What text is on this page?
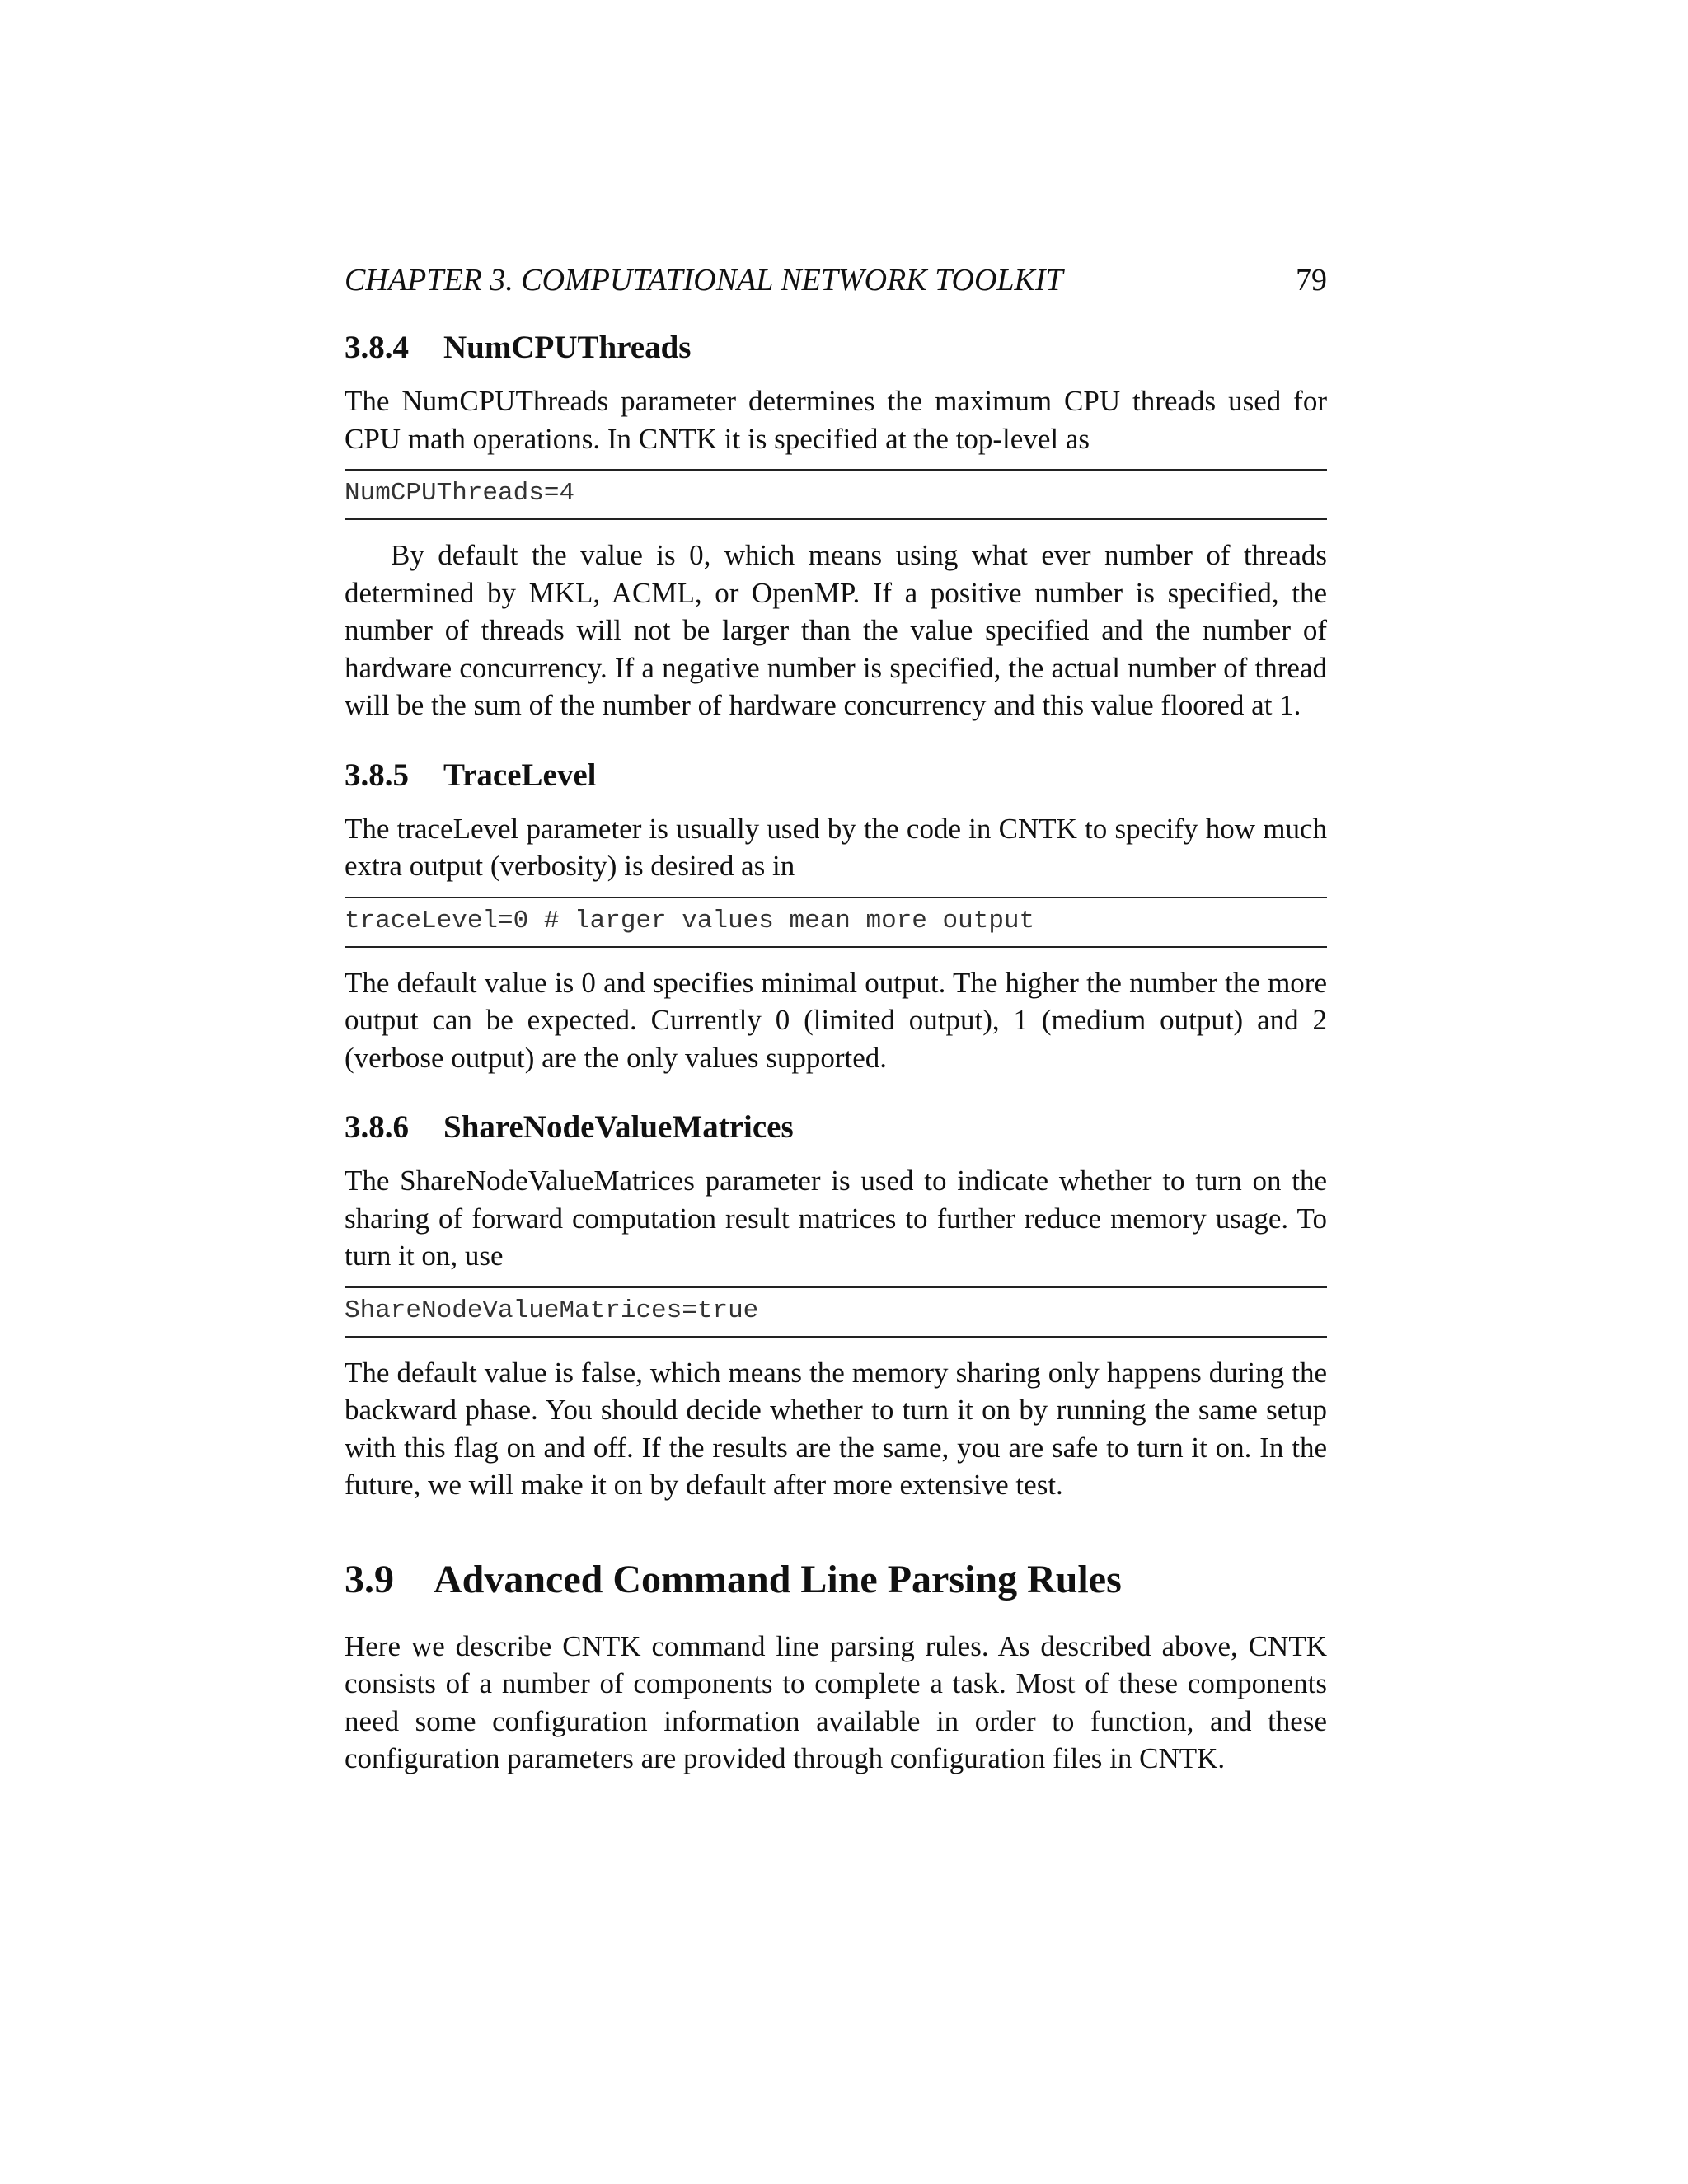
CHAPTER 3. COMPUTATIONAL NETWORK TOOLKIT	79
3.8.4 NumCPUThreads

The NumCPUThreads parameter determines the maximum CPU threads used for CPU math operations. In CNTK it is specified at the top-level as

NumCPUThreads=4

By default the value is 0, which means using what ever number of threads determined by MKL, ACML, or OpenMP. If a positive number is specified, the number of threads will not be larger than the value specified and the number of hardware concurrency. If a negative number is specified, the actual number of thread will be the sum of the number of hardware concurrency and this value floored at 1.

3.8.5 TraceLevel

The traceLevel parameter is usually used by the code in CNTK to specify how much extra output (verbosity) is desired as in

traceLevel=0 # larger values mean more output

The default value is 0 and specifies minimal output. The higher the number the more output can be expected. Currently 0 (limited output), 1 (medium output) and 2 (verbose output) are the only values supported.

3.8.6 ShareNodeValueMatrices

The ShareNodeValueMatrices parameter is used to indicate whether to turn on the sharing of forward computation result matrices to further reduce memory usage. To turn it on, use

ShareNodeValueMatrices=true

The default value is false, which means the memory sharing only happens during the backward phase. You should decide whether to turn it on by running the same setup with this flag on and off. If the results are the same, you are safe to turn it on. In the future, we will make it on by default after more extensive test.

3.9 Advanced Command Line Parsing Rules

Here we describe CNTK command line parsing rules. As described above, CNTK consists of a number of components to complete a task. Most of these components need some configuration information available in order to function, and these configuration parameters are provided through configuration files in CNTK.
